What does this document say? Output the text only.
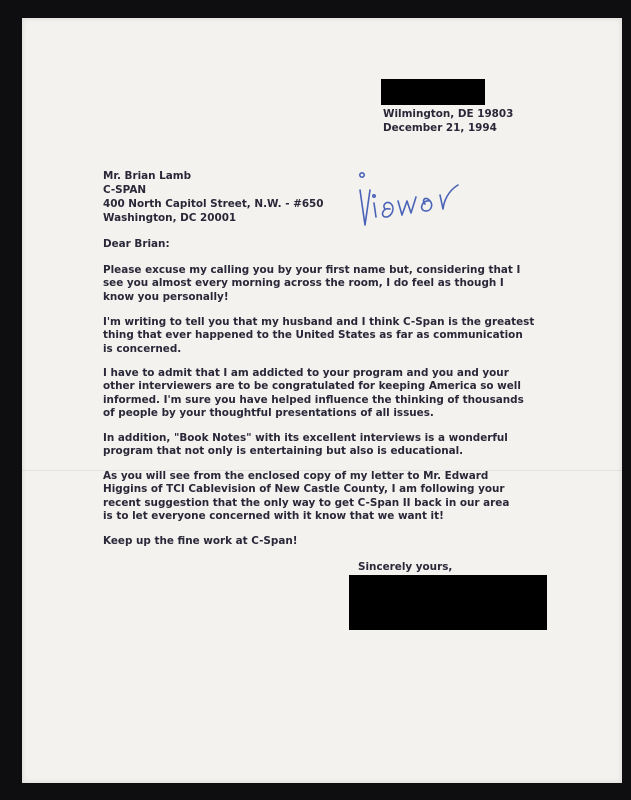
Wilmington, DE 19803

December 21, 1994

Mr. Brian Lamb

C-SPAN

400 North Capitol Street, N.W. - #650

Washington, DC 20001

Dear Brian:

Please excuse my calling you by your first name but, considering that I
see you almost every morning across the room, I do feel as though I
know you personally!

I'm writing to tell you that my husband and I think C-Span is the greatest
thing that ever happened to the United States as far as communication
is concerned.

I have to admit that I am addicted to your program and you and your
other interviewers are to be congratulated for keeping America so well
informed. I'm sure you have helped influence the thinking of thousands
of people by your thoughtful presentations of all issues.

In addition, "Book Notes" with its excellent interviews is a wonderful
program that not only is entertaining but also is educational.

As you will see from the enclosed copy of my letter to Mr. Edward
Higgins of TCI Cablevision of New Castle County, I am following your
recent suggestion that the only way to get C-Span II back in our area
is to let everyone concerned with it know that we want it!

Keep up the fine work at C-Span!

Sincerely yours,
